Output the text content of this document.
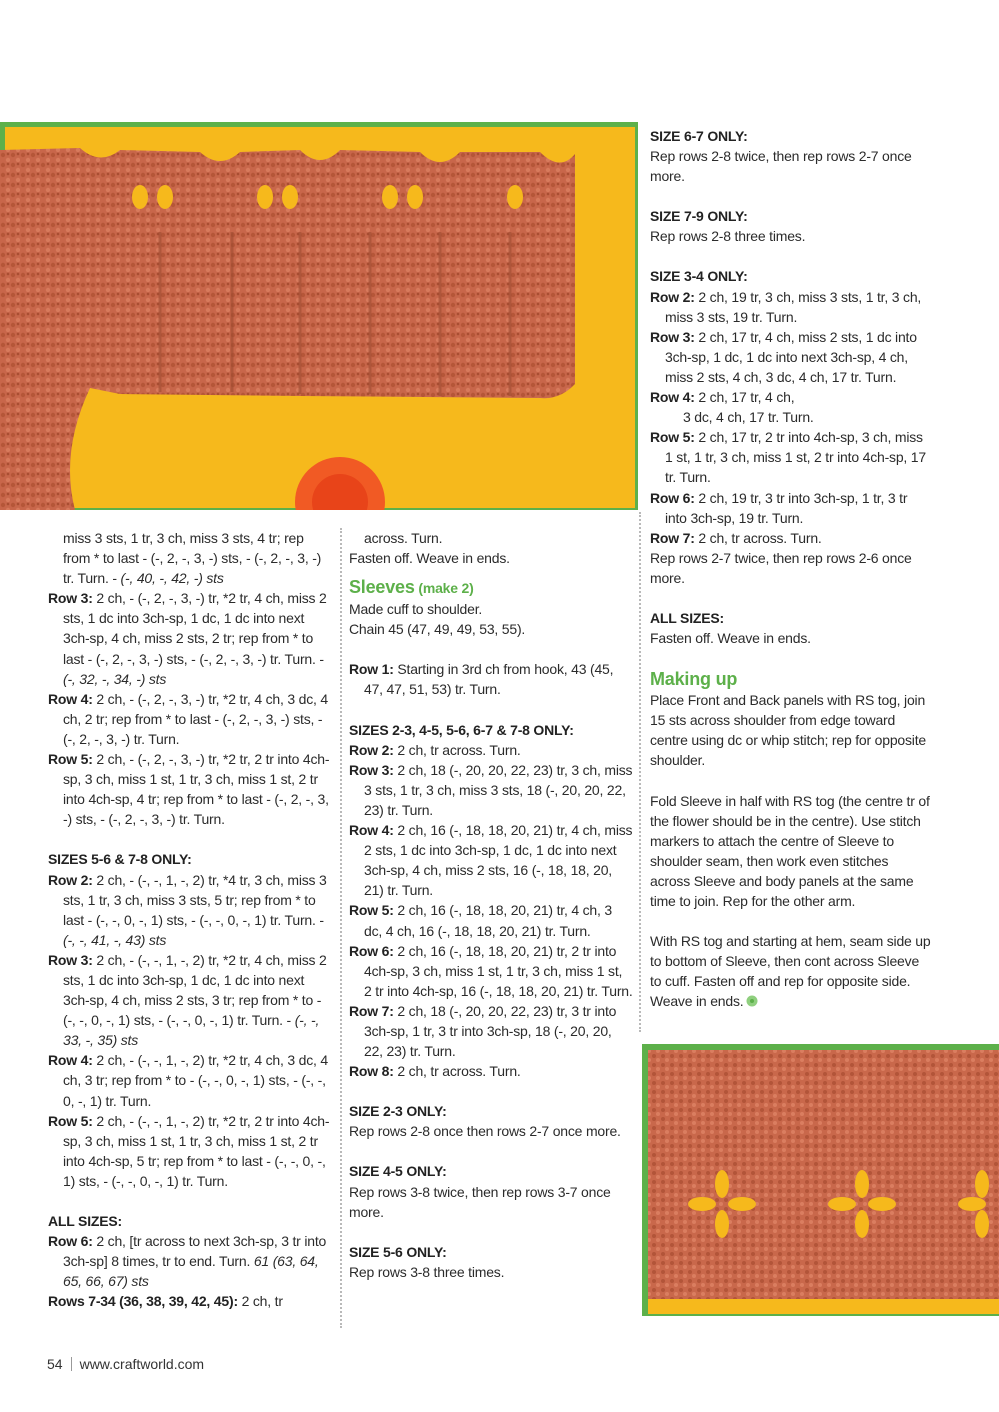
miss 3 sts, 1 tr, 3 ch, miss 3 sts, 4 tr; rep from * to last - (-, 2, -, 3, -) sts, - (-, 2, -, 3, -) tr. Turn. - (-, 40, -, 42, -) sts

Row 3: 2 ch, - (-, 2, -, 3, -) tr, *2 tr, 4 ch, miss 2 sts, 1 dc into 3ch-sp, 1 dc, 1 dc into next 3ch-sp, 4 ch, miss 2 sts, 2 tr; rep from * to last - (-, 2, -, 3, -) sts, - (-, 2, -, 3, -) tr. Turn. - (-, 32, -, 34, -) sts

Row 4: 2 ch, - (-, 2, -, 3, -) tr, *2 tr, 4 ch, 3 dc, 4 ch, 2 tr; rep from * to last - (-, 2, -, 3, -) sts, - (-, 2, -, 3, -) tr. Turn.

Row 5: 2 ch, - (-, 2, -, 3, -) tr, *2 tr, 2 tr into 4ch-sp, 3 ch, miss 1 st, 1 tr, 3 ch, miss 1 st, 2 tr into 4ch-sp, 4 tr; rep from * to last - (-, 2, -, 3, -) sts, - (-, 2, -, 3, -) tr. Turn.

SIZES 5-6 & 7-8 ONLY:

Row 2: 2 ch, - (-, -, 1, -, 2) tr, *4 tr, 3 ch, miss 3 sts, 1 tr, 3 ch, miss 3 sts, 5 tr; rep from * to last - (-, -, 0, -, 1) sts, - (-, -, 0, -, 1) tr. Turn. - (-, -, 41, -, 43) sts

Row 3: 2 ch, - (-, -, 1, -, 2) tr, *2 tr, 4 ch, miss 2 sts, 1 dc into 3ch-sp, 1 dc, 1 dc into next 3ch-sp, 4 ch, miss 2 sts, 3 tr; rep from * to - (-, -, 0, -, 1) sts, - (-, -, 0, -, 1) tr. Turn. - (-, -, 33, -, 35) sts

Row 4: 2 ch, - (-, -, 1, -, 2) tr, *2 tr, 4 ch, 3 dc, 4 ch, 3 tr; rep from * to - (-, -, 0, -, 1) sts, - (-, -, 0, -, 1) tr. Turn.

Row 5: 2 ch, - (-, -, 1, -, 2) tr, *2 tr, 2 tr into 4ch-sp, 3 ch, miss 1 st, 1 tr, 3 ch, miss 1 st, 2 tr into 4ch-sp, 5 tr; rep from * to last - (-, -, 0, -, 1) sts, - (-, -, 0, -, 1) tr. Turn.

ALL SIZES:

Row 6: 2 ch, [tr across to next 3ch-sp, 3 tr into 3ch-sp] 8 times, tr to end. Turn. 61 (63, 64, 65, 66, 67) sts

Rows 7-34 (36, 38, 39, 42, 45): 2 ch, tr

across. Turn.

Fasten off. Weave in ends.

Sleeves (make 2)

Made cuff to shoulder.

Chain 45 (47, 49, 49, 53, 55).

Row 1: Starting in 3rd ch from hook, 43 (45, 47, 47, 51, 53) tr. Turn.

SIZES 2-3, 4-5, 5-6, 6-7 & 7-8 ONLY:

Row 2: 2 ch, tr across. Turn.

Row 3: 2 ch, 18 (-, 20, 20, 22, 23) tr, 3 ch, miss 3 sts, 1 tr, 3 ch, miss 3 sts, 18 (-, 20, 20, 22, 23) tr. Turn.

Row 4: 2 ch, 16 (-, 18, 18, 20, 21) tr, 4 ch, miss 2 sts, 1 dc into 3ch-sp, 1 dc, 1 dc into next 3ch-sp, 4 ch, miss 2 sts, 16 (-, 18, 18, 20, 21) tr. Turn.

Row 5: 2 ch, 16 (-, 18, 18, 20, 21) tr, 4 ch, 3 dc, 4 ch, 16 (-, 18, 18, 20, 21) tr. Turn.

Row 6: 2 ch, 16 (-, 18, 18, 20, 21) tr, 2 tr into 4ch-sp, 3 ch, miss 1 st, 1 tr, 3 ch, miss 1 st, 2 tr into 4ch-sp, 16 (-, 18, 18, 20, 21) tr. Turn.

Row 7: 2 ch, 18 (-, 20, 20, 22, 23) tr, 3 tr into 3ch-sp, 1 tr, 3 tr into 3ch-sp, 18 (-, 20, 20, 22, 23) tr. Turn.

Row 8: 2 ch, tr across. Turn.

SIZE 2-3 ONLY:

Rep rows 2-8 once then rows 2-7 once more.

SIZE 4-5 ONLY:

Rep rows 3-8 twice, then rep rows 3-7 once more.

SIZE 5-6 ONLY:

Rep rows 3-8 three times.

SIZE 6-7 ONLY:

Rep rows 2-8 twice, then rep rows 2-7 once more.

SIZE 7-9 ONLY:

Rep rows 2-8 three times.

SIZE 3-4 ONLY:

Row 2: 2 ch, 19 tr, 3 ch, miss 3 sts, 1 tr, 3 ch, miss 3 sts, 19 tr. Turn.

Row 3: 2 ch, 17 tr, 4 ch, miss 2 sts, 1 dc into 3ch-sp, 1 dc, 1 dc into next 3ch-sp, 4 ch, miss 2 sts, 4 ch, 3 dc, 4 ch, 17 tr. Turn.

Row 4: 2 ch, 17 tr, 4 ch,

3 dc, 4 ch, 17 tr. Turn.

Row 5: 2 ch, 17 tr, 2 tr into 4ch-sp, 3 ch, miss 1 st, 1 tr, 3 ch, miss 1 st, 2 tr into 4ch-sp, 17 tr. Turn.

Row 6: 2 ch, 19 tr, 3 tr into 3ch-sp, 1 tr, 3 tr into 3ch-sp, 19 tr. Turn.

Row 7: 2 ch, tr across. Turn.

Rep rows 2-7 twice, then rep rows 2-6 once more.

ALL SIZES:

Fasten off. Weave in ends.

Making up

Place Front and Back panels with RS tog, join 15 sts across shoulder from edge toward centre using dc or whip stitch; rep for opposite shoulder.

Fold Sleeve in half with RS tog (the centre tr of the flower should be in the centre). Use stitch markers to attach the centre of Sleeve to shoulder seam, then work even stitches across Sleeve and body panels at the same time to join. Rep for the other arm.

With RS tog and starting at hem, seam side up to bottom of Sleeve, then cont across Sleeve to cuff. Fasten off and rep for opposite side. Weave in ends.

54 www.craftworld.com
